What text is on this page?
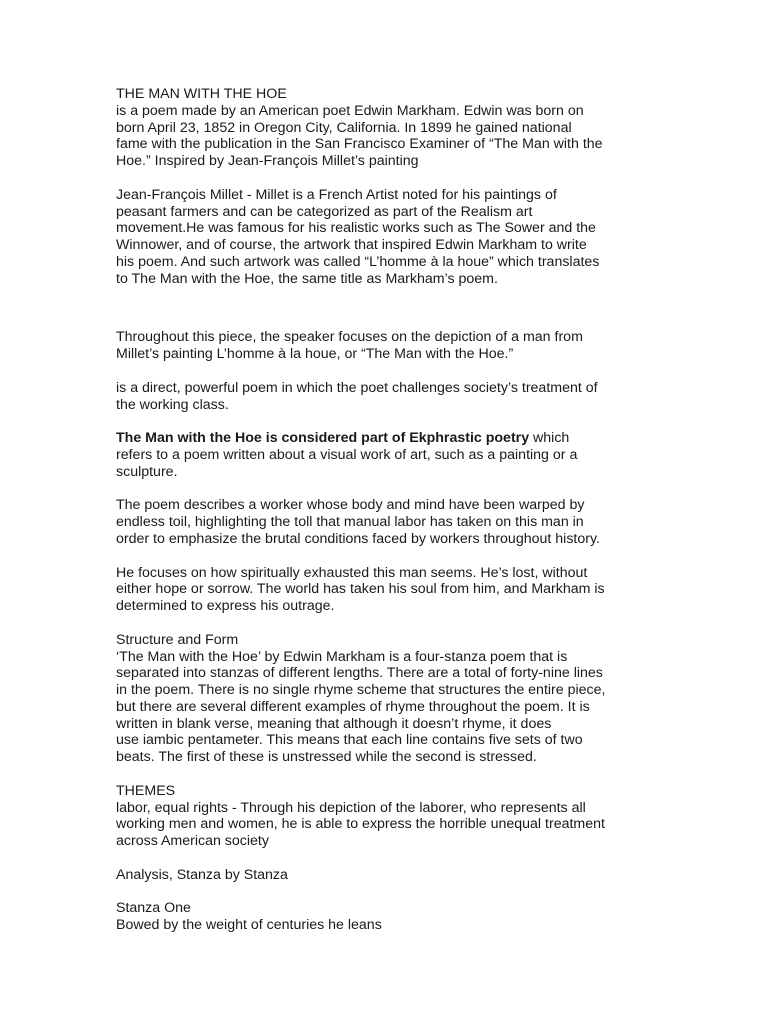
THE MAN WITH THE HOE
is a poem made by an American poet Edwin Markham. Edwin was born on
born April 23, 1852 in Oregon City, California. In 1899 he gained national
fame with the publication in the San Francisco Examiner of “The Man with the
Hoe.” Inspired by Jean-François Millet’s painting
Jean-François Millet - Millet is a French Artist noted for his paintings of
peasant farmers and can be categorized as part of the Realism art
movement.He was famous for his realistic works such as The Sower and the
Winnower, and of course, the artwork that inspired Edwin Markham to write
his poem. And such artwork was called “L’homme à la houe” which translates
to The Man with the Hoe, the same title as Markham’s poem.
Throughout this piece, the speaker focuses on the depiction of a man from
Millet’s painting L’homme à la houe, or “The Man with the Hoe.”
is a direct, powerful poem in which the poet challenges society’s treatment of
the working class.
The Man with the Hoe is considered part of Ekphrastic poetry which
refers to a poem written about a visual work of art, such as a painting or a
sculpture.
The poem describes a worker whose body and mind have been warped by
endless toil, highlighting the toll that manual labor has taken on this man in
order to emphasize the brutal conditions faced by workers throughout history.
He focuses on how spiritually exhausted this man seems. He’s lost, without
either hope or sorrow. The world has taken his soul from him, and Markham is
determined to express his outrage.
Structure and Form
‘The Man with the Hoe’ by Edwin Markham is a four-stanza poem that is
separated into stanzas of different lengths. There are a total of forty-nine lines
in the poem. There is no single rhyme scheme that structures the entire piece,
but there are several different examples of rhyme throughout the poem. It is
written in blank verse, meaning that although it doesn’t rhyme, it does
use iambic pentameter. This means that each line contains five sets of two
beats. The first of these is unstressed while the second is stressed.
THEMES
labor, equal rights - Through his depiction of the laborer, who represents all
working men and women, he is able to express the horrible unequal treatment
across American society
Analysis, Stanza by Stanza
Stanza One
Bowed by the weight of centuries he leans
